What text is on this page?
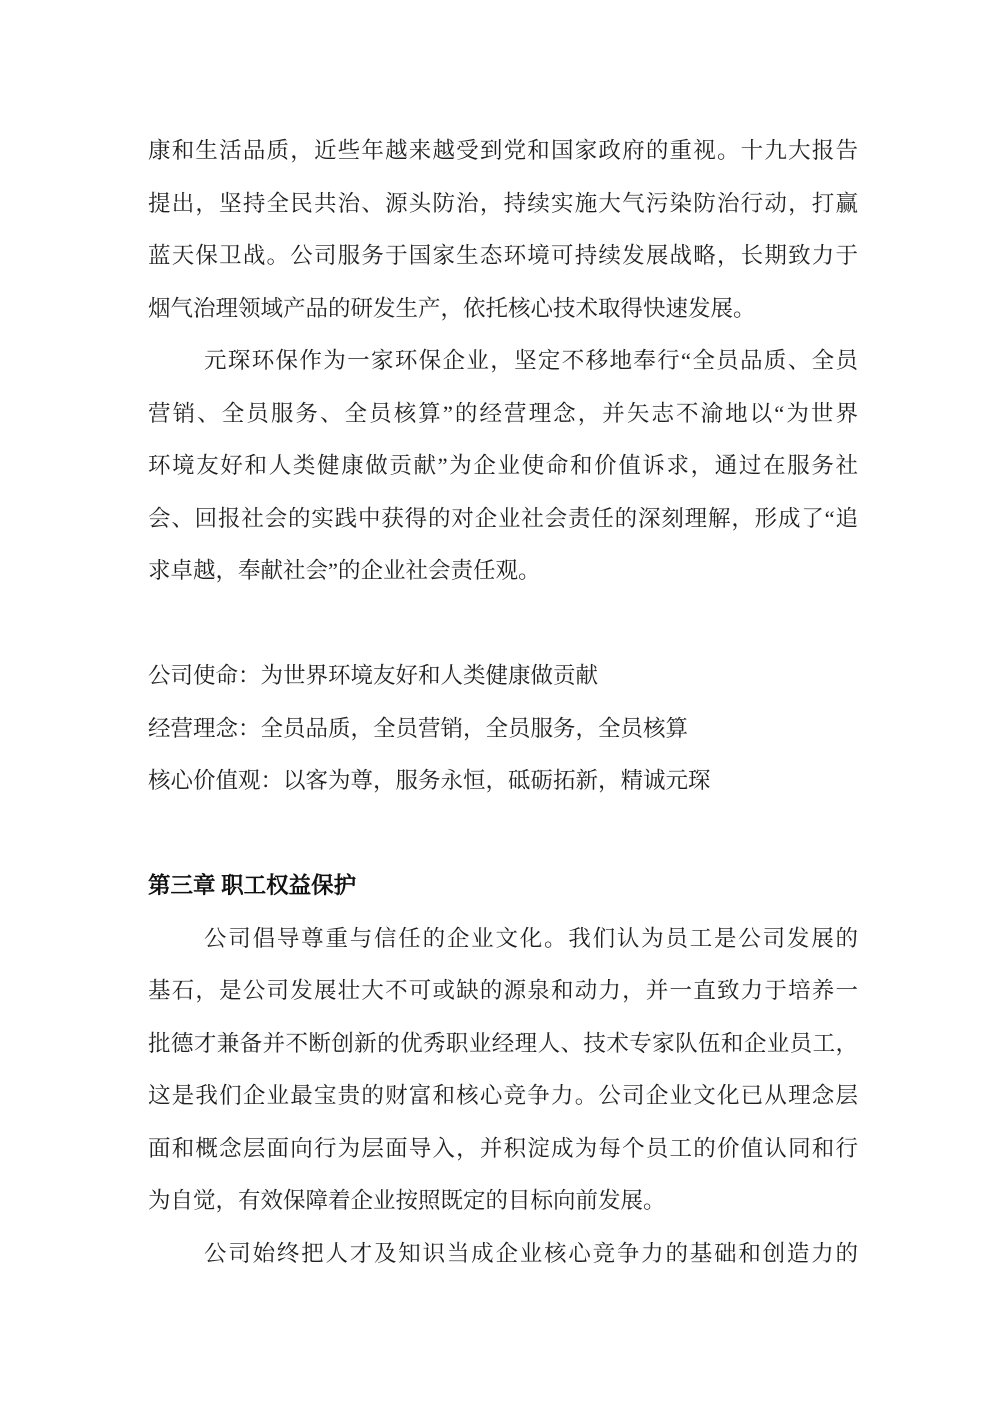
康和生活品质，近些年越来越受到党和国家政府的重视。十九大报告
提出，坚持全民共治、源头防治，持续实施大气污染防治行动，打赢
蓝天保卫战。公司服务于国家生态环境可持续发展战略，长期致力于
烟气治理领域产品的研发生产，依托核心技术取得快速发展。
元琛环保作为一家环保企业，坚定不移地奉行“全员品质、全员
营销、全员服务、全员核算”的经营理念，并矢志不渝地以“为世界
环境友好和人类健康做贡献”为企业使命和价值诉求，通过在服务社
会、回报社会的实践中获得的对企业社会责任的深刻理解，形成了“追
求卓越，奉献社会”的企业社会责任观。
公司使命：为世界环境友好和人类健康做贡献
经营理念：全员品质，全员营销，全员服务，全员核算
核心价值观：以客为尊，服务永恒，砥砺拓新，精诚元琛
第三章 职工权益保护
公司倡导尊重与信任的企业文化。我们认为员工是公司发展的
基石，是公司发展壮大不可或缺的源泉和动力，并一直致力于培养一
批德才兼备并不断创新的优秀职业经理人、技术专家队伍和企业员工，
这是我们企业最宝贵的财富和核心竞争力。公司企业文化已从理念层
面和概念层面向行为层面导入，并积淀成为每个员工的价值认同和行
为自觉，有效保障着企业按照既定的目标向前发展。
公司始终把人才及知识当成企业核心竞争力的基础和创造力的
